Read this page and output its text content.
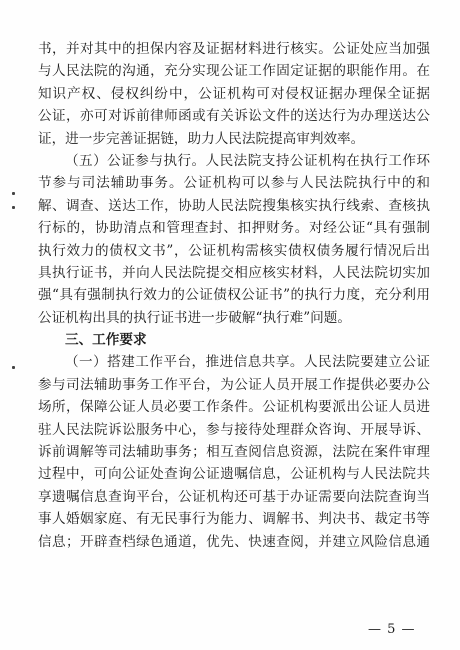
书，并对其中的担保内容及证据材料进行核实。公证处应当加强
与人民法院的沟通，充分实现公证工作固定证据的职能作用。在
知识产权、侵权纠纷中，公证机构可对侵权证据办理保全证据
公证，亦可对诉前律师函或有关诉讼文件的送达行为办理送达公
证，进一步完善证据链，助力人民法院提高审判效率。
（五）公证参与执行。人民法院支持公证机构在执行工作环
节参与司法辅助事务。公证机构可以参与人民法院执行中的和
解、调查、送达工作，协助人民法院搜集核实执行线索、查核执
行标的，协助清点和管理查封、扣押财务。对经公证“具有强制
执行效力的债权文书”，公证机构需核实债权债务履行情况后出
具执行证书，并向人民法院提交相应核实材料，人民法院切实加
强“具有强制执行效力的公证债权公证书”的执行力度，充分利用
公证机构出具的执行证书进一步破解“执行难”问题。
三、工作要求
（一）搭建工作平台，推进信息共享。人民法院要建立公证
参与司法辅助事务工作平台，为公证人员开展工作提供必要办公
场所，保障公证人员必要工作条件。公证机构要派出公证人员进
驻人民法院诉讼服务中心，参与接待处理群众咨询、开展导诉、
诉前调解等司法辅助事务；相互查阅信息资源，法院在案件审理
过程中，可向公证处查询公证遗嘱信息，公证机构与人民法院共
享遗嘱信息查询平台，公证机构还可基于办证需要向法院查询当
事人婚姻家庭、有无民事行为能力、调解书、判决书、裁定书等
信息；开辟查档绿色通道，优先、快速查阅，并建立风险信息通
— 5 —
